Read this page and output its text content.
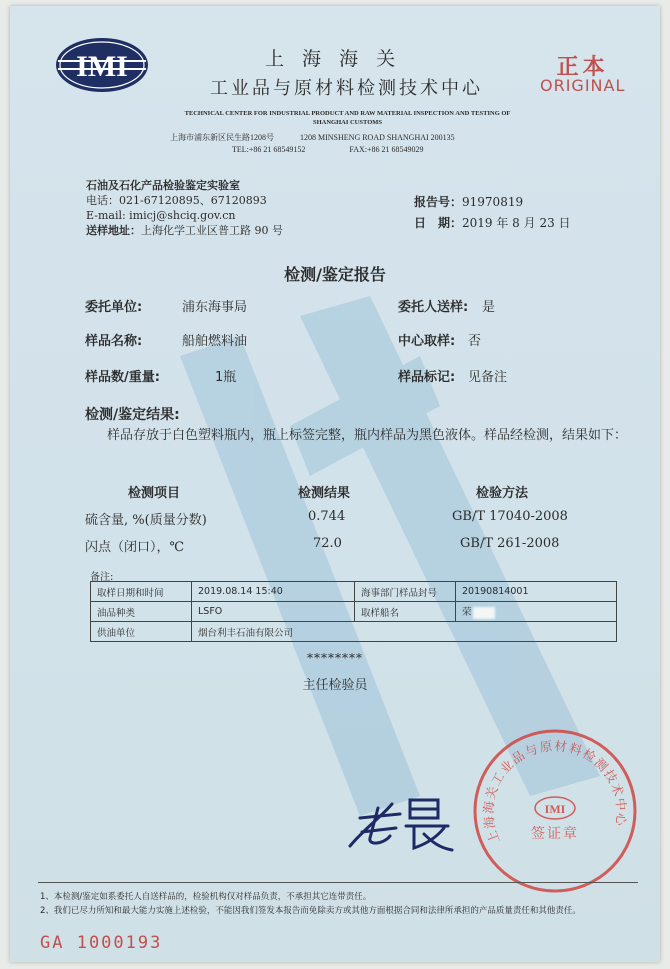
IMI	上 海 海 关
工业品与原材料检测技术中心
TECHNICAL CENTER FOR INDUSTRIAL PRODUCT AND RAW MATERIAL INSPECTION AND TESTING OF SHANGHAI CUSTOMS
上海市浦东新区民生路1208号	1208 MINSHENG ROAD SHANGHAI 200135
TEL:+86 21 68549152	FAX:+86 21 68549029
正本
ORIGINAL
石油及石化产品检验鉴定实验室
电话：021-67120895、67120893
E-mail: imicj@shciq.gov.cn
送样地址：上海化学工业区普工路 90 号
报告号：91970819
日　期：2019 年 8 月 23 日
检测/鉴定报告
委托单位:	浦东海事局	委托人送样: 是
样品名称:	船舶燃料油	中心取样: 否
样品数/重量:	1瓶	样品标记: 见备注
检测/鉴定结果:
样品存放于白色塑料瓶内，瓶上标签完整，瓶内样品为黑色液体。样品经检测，结果如下：
检测项目	检测结果	检验方法
硫含量, %(质量分数)	0.744	GB/T 17040-2008
闪点（闭口），℃	72.0	GB/T 261-2008
备注:
取样日期和时间	2019.08.14 15:40	海事部门样品封号	20190814001
油品种类	LSFO	取样船名	荣
供油单位	烟台利丰石油有限公司		
********
主任检验员
上海海关工业品与原材料检测技术中心
IMI
签证章
1、本检测/鉴定如系委托人自送样品的，检验机构仅对样品负责，不承担其它连带责任。
2、我们已尽力所知和最大能力实施上述检验，不能因我们签发本报告而免除卖方或其他方面根据合同和法律所承担的产品质量责任和其他责任。
GA 1000193
